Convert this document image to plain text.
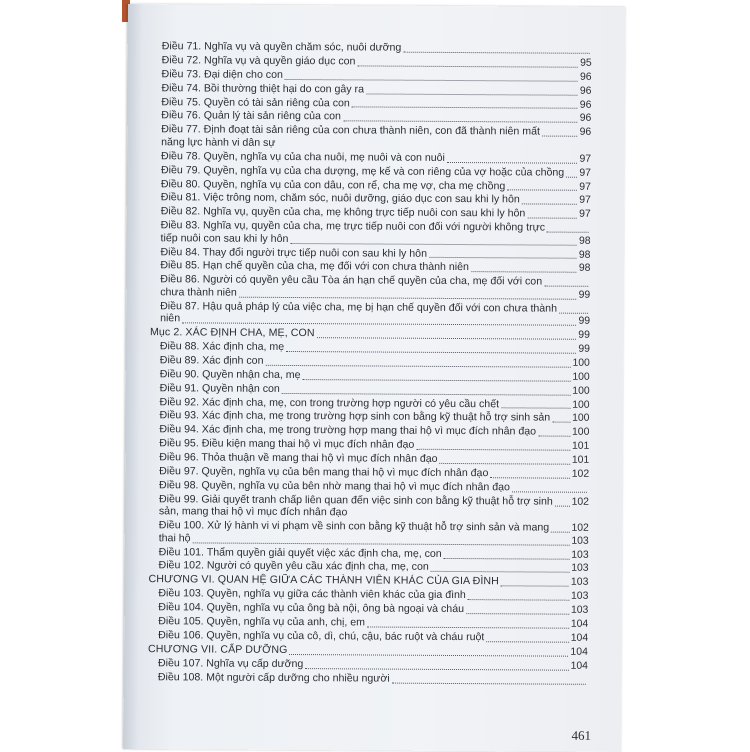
Điều 71. Nghĩa vụ và quyền chăm sóc, nuôi dưỡng
Điều 72. Nghĩa vụ và quyền giáo dục con	95
Điều 73. Đại diện cho con	96
Điều 74. Bồi thường thiệt hại do con gây ra	96
Điều 75. Quyền có tài sản riêng của con	96
Điều 76. Quản lý tài sản riêng của con	96
Điều 77. Định đoạt tài sản riêng của con chưa thành niên, con đã thành niên mất	96
năng lực hành vi dân sự
Điều 78. Quyền, nghĩa vụ của cha nuôi, mẹ nuôi và con nuôi	97
Điều 79. Quyền, nghĩa vụ của cha dượng, mẹ kế và con riêng của vợ hoặc của chồng 97
Điều 80. Quyền, nghĩa vụ của con dâu, con rể, cha mẹ vợ, cha mẹ chồng	97
Điều 81. Việc trông nom, chăm sóc, nuôi dưỡng, giáo dục con sau khi ly hôn	97
Điều 82. Nghĩa vụ, quyền của cha, mẹ không trực tiếp nuôi con sau khi ly hôn	97
Điều 83. Nghĩa vụ, quyền của cha, mẹ trực tiếp nuôi con đối với người không trực
tiếp nuôi con sau khi ly hôn	98
Điều 84. Thay đổi người trực tiếp nuôi con sau khi ly hôn	98
Điều 85. Hạn chế quyền của cha, mẹ đối với con chưa thành niên	98
Điều 86. Người có quyền yêu cầu Tòa án hạn chế quyền của cha, mẹ đối với con
chưa thành niên	99
Điều 87. Hậu quả pháp lý của việc cha, mẹ bị hạn chế quyền đối với con chưa thành
niên	99
Mục 2. XÁC ĐỊNH CHA, MẸ, CON	99
Điều 88. Xác định cha, mẹ	99
Điều 89. Xác định con	100
Điều 90. Quyền nhận cha, mẹ	100
Điều 91. Quyền nhận con	100
Điều 92. Xác định cha, mẹ, con trong trường hợp người có yêu cầu chết	100
Điều 93. Xác định cha, mẹ trong trường hợp sinh con bằng kỹ thuật hỗ trợ sinh sản 100
Điều 94. Xác định cha, mẹ trong trường hợp mang thai hộ vì mục đích nhân đạo	100
Điều 95. Điều kiện mang thai hộ vì mục đích nhân đạo	101
Điều 96. Thỏa thuận về mang thai hộ vì mục đích nhân đạo	101
Điều 97. Quyền, nghĩa vụ của bên mang thai hộ vì mục đích nhân đạo	102
Điều 98. Quyền, nghĩa vụ của bên nhờ mang thai hộ vì mục đích nhân đạo
Điều 99. Giải quyết tranh chấp liên quan đến việc sinh con bằng kỹ thuật hỗ trợ sinh 102
sản, mang thai hộ vì mục đích nhân đạo
Điều 100. Xử lý hành vi vi phạm về sinh con bằng kỹ thuật hỗ trợ sinh sản và mang 102
thai hộ	103
Điều 101. Thẩm quyền giải quyết việc xác định cha, mẹ, con	103
Điều 102. Người có quyền yêu cầu xác định cha, mẹ, con	103
CHƯƠNG VI. QUAN HỆ GIỮA CÁC THÀNH VIÊN KHÁC CỦA GIA ĐÌNH	103
Điều 103. Quyền, nghĩa vụ giữa các thành viên khác của gia đình	103
Điều 104. Quyền, nghĩa vụ của ông bà nội, ông bà ngoại và cháu	103
Điều 105. Quyền, nghĩa vụ của anh, chị, em	104
Điều 106. Quyền, nghĩa vụ của cô, dì, chú, cậu, bác ruột và cháu ruột	104
CHƯƠNG VII. CẤP DƯỠNG	104
Điều 107. Nghĩa vụ cấp dưỡng	104
Điều 108. Một người cấp dưỡng cho nhiều người
461
